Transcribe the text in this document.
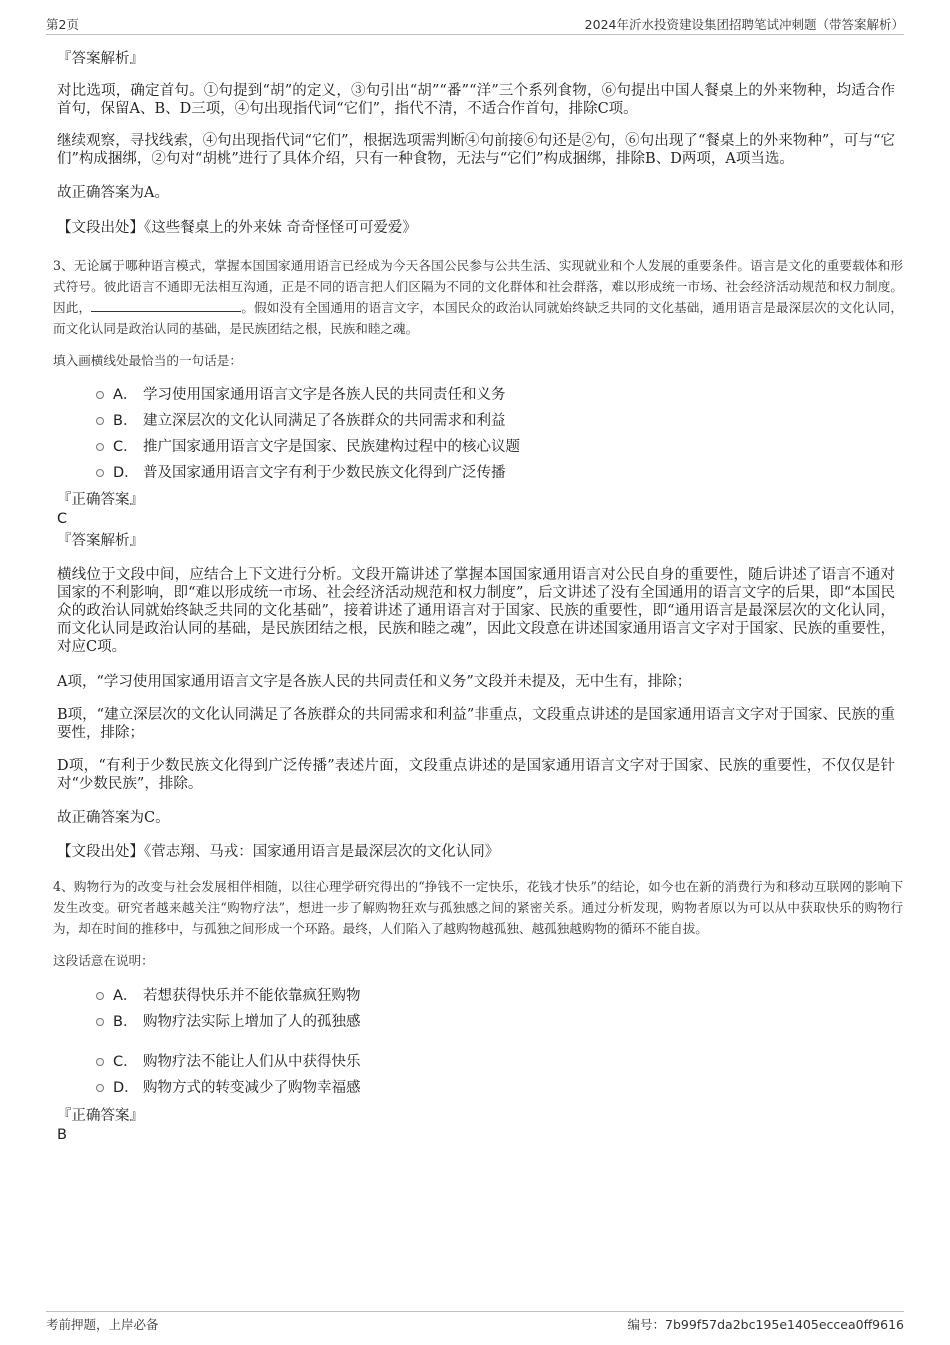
第2页	2024年沂水投资建设集团招聘笔试冲刺题（带答案解析）
『答案解析』
对比选项，确定首句。①句提到“胡”的定义，③句引出“胡”“番”“洋”三个系列食物，⑥句提出中国人餐桌上的外来物种，均适合作首句，保留A、B、D三项，④句出现指代词“它们”，指代不清，不适合作首句，排除C项。
继续观察，寻找线索，④句出现指代词“它们”，根据选项需判断④句前接⑥句还是②句，⑥句出现了“餐桌上的外来物种”，可与“它们”构成捆绑，②句对“胡桃”进行了具体介绍，只有一种食物，无法与“它们”构成捆绑，排除B、D两项，A项当选。
故正确答案为A。
【文段出处】《这些餐桌上的外来妹 奇奇怪怪可可爱爱》
3、无论属于哪种语言模式，掌握本国国家通用语言已经成为今天各国公民参与公共生活、实现就业和个人发展的重要条件。语言是文化的重要载体和形式符号。彼此语言不通即无法相互沟通，正是不同的语言把人们区隔为不同的文化群体和社会群落，难以形成统一市场、社会经济活动规范和权力制度。因此，	。假如没有全国通用的语言文字，本国民众的政治认同就始终缺乏共同的文化基础，通用语言是最深层次的文化认同，而文化认同是政治认同的基础，是民族团结之根，民族和睦之魂。
填入画横线处最恰当的一句话是：
A． 学习使用国家通用语言文字是各族人民的共同责任和义务
B． 建立深层次的文化认同满足了各族群众的共同需求和利益
C． 推广国家通用语言文字是国家、民族建构过程中的核心议题
D． 普及国家通用语言文字有利于少数民族文化得到广泛传播
『正确答案』
C
『答案解析』
横线位于文段中间，应结合上下文进行分析。文段开篇讲述了掌握本国国家通用语言对公民自身的重要性，随后讲述了语言不通对国家的不利影响，即“难以形成统一市场、社会经济活动规范和权力制度”，后文讲述了没有全国通用的语言文字的后果，即“本国民众的政治认同就始终缺乏共同的文化基础”，接着讲述了通用语言对于国家、民族的重要性，即“通用语言是最深层次的文化认同，而文化认同是政治认同的基础，是民族团结之根，民族和睦之魂”，因此文段意在讲述国家通用语言文字对于国家、民族的重要性，对应C项。
A项，“学习使用国家通用语言文字是各族人民的共同责任和义务”文段并未提及，无中生有，排除；
B项，“建立深层次的文化认同满足了各族群众的共同需求和利益”非重点，文段重点讲述的是国家通用语言文字对于国家、民族的重要性，排除；
D项，“有利于少数民族文化得到广泛传播”表述片面，文段重点讲述的是国家通用语言文字对于国家、民族的重要性，不仅仅是针对“少数民族”，排除。
故正确答案为C。
【文段出处】《菅志翔、马戎：国家通用语言是最深层次的文化认同》
4、购物行为的改变与社会发展相伴相随，以往心理学研究得出的“挣钱不一定快乐，花钱才快乐”的结论，如今也在新的消费行为和移动互联网的影响下发生改变。研究者越来越关注“购物疗法”，想进一步了解购物狂欢与孤独感之间的紧密关系。通过分析发现，购物者原以为可以从中获取快乐的购物行为，却在时间的推移中，与孤独之间形成一个环路。最终，人们陷入了越购物越孤独、越孤独越购物的循环不能自拔。
这段话意在说明：
A． 若想获得快乐并不能依靠疯狂购物
B． 购物疗法实际上增加了人的孤独感
C． 购物疗法不能让人们从中获得快乐
D． 购物方式的转变减少了购物幸福感
『正确答案』
B
考前押题，上岸必备	编号：7b99f57da2bc195e1405eccea0ff9616
